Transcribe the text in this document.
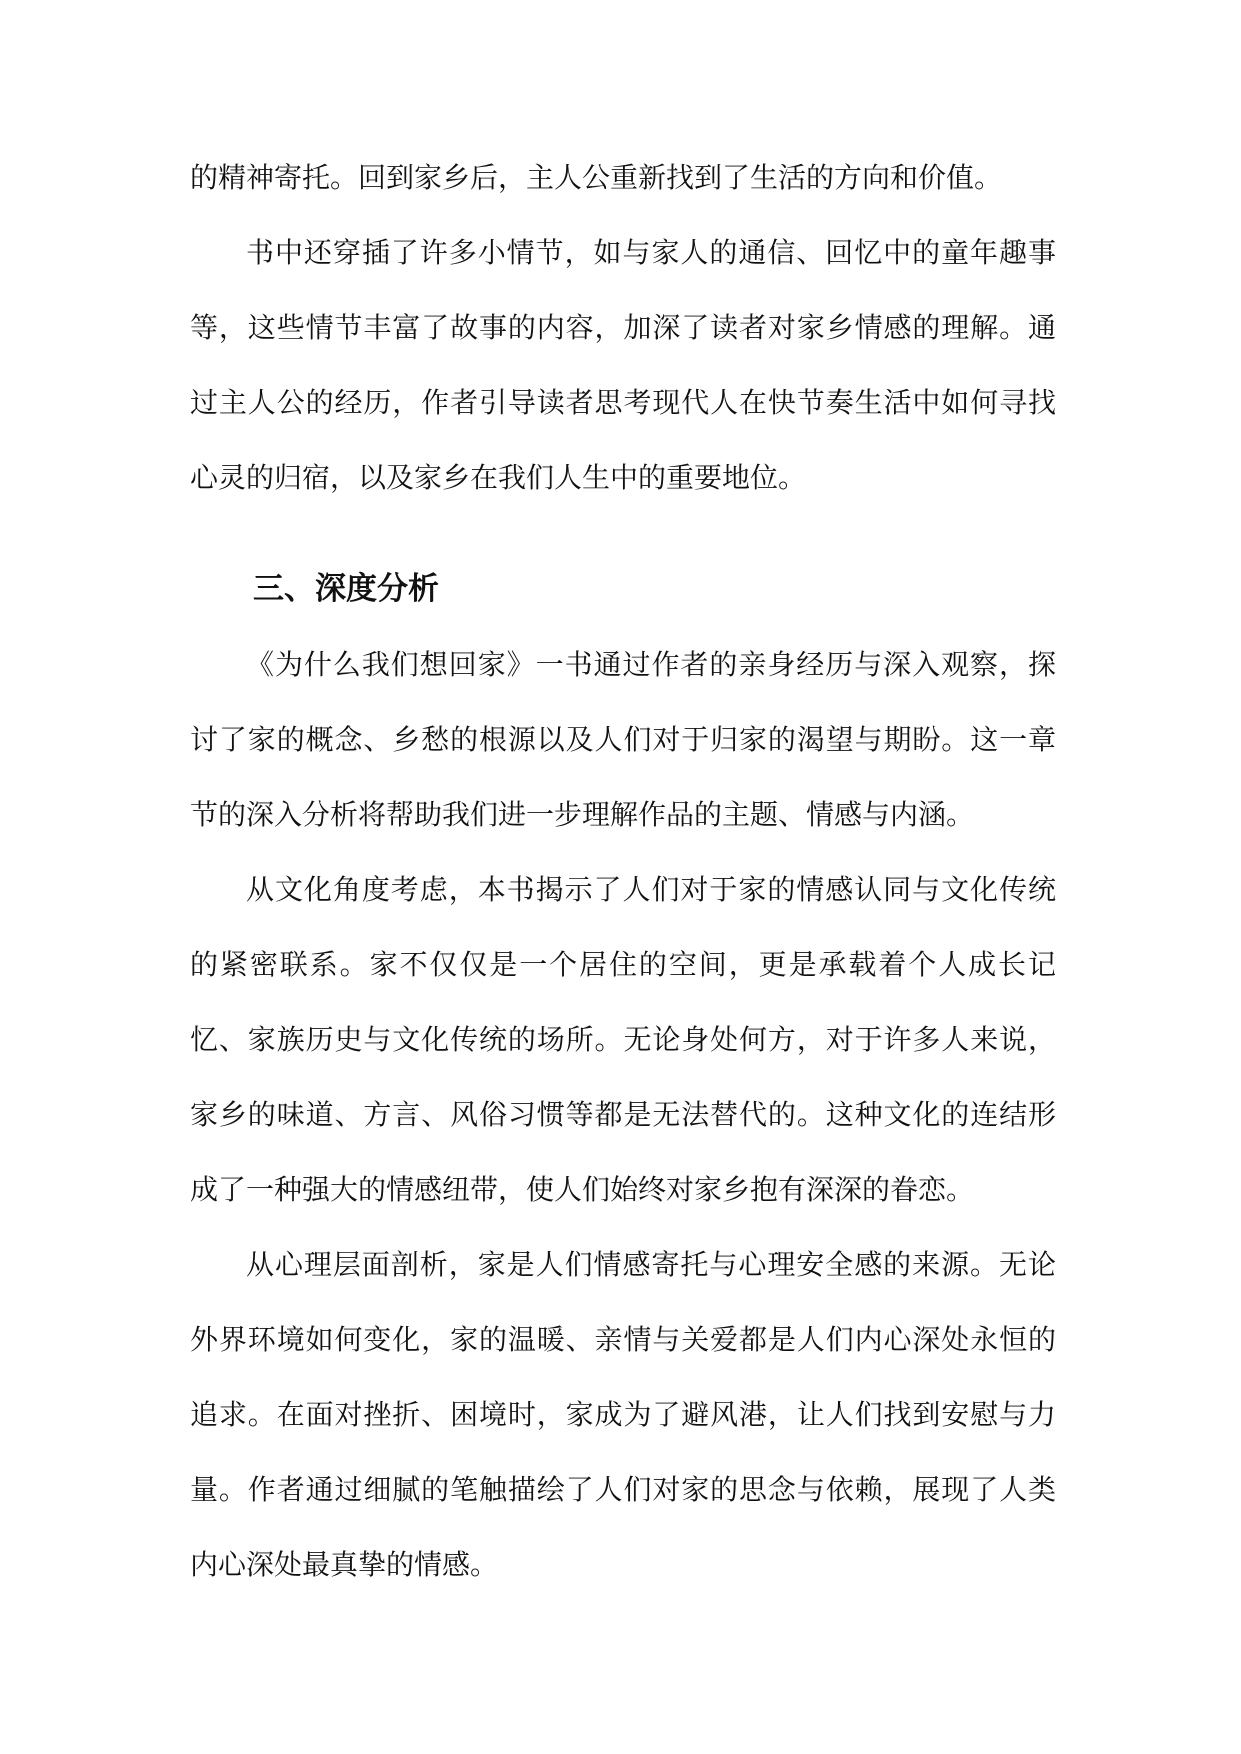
的精神寄托。回到家乡后，主人公重新找到了生活的方向和价值。

书中还穿插了许多小情节，如与家人的通信、回忆中的童年趣事等，这些情节丰富了故事的内容，加深了读者对家乡情感的理解。通过主人公的经历，作者引导读者思考现代人在快节奏生活中如何寻找心灵的归宿，以及家乡在我们人生中的重要地位。

三、深度分析

《为什么我们想回家》一书通过作者的亲身经历与深入观察，探讨了家的概念、乡愁的根源以及人们对于归家的渴望与期盼。这一章节的深入分析将帮助我们进一步理解作品的主题、情感与内涵。

从文化角度考虑，本书揭示了人们对于家的情感认同与文化传统的紧密联系。家不仅仅是一个居住的空间，更是承载着个人成长记忆、家族历史与文化传统的场所。无论身处何方，对于许多人来说，家乡的味道、方言、风俗习惯等都是无法替代的。这种文化的连结形成了一种强大的情感纽带，使人们始终对家乡抱有深深的眷恋。

从心理层面剖析，家是人们情感寄托与心理安全感的来源。无论外界环境如何变化，家的温暖、亲情与关爱都是人们内心深处永恒的追求。在面对挫折、困境时，家成为了避风港，让人们找到安慰与力量。作者通过细腻的笔触描绘了人们对家的思念与依赖，展现了人类内心深处最真挚的情感。
